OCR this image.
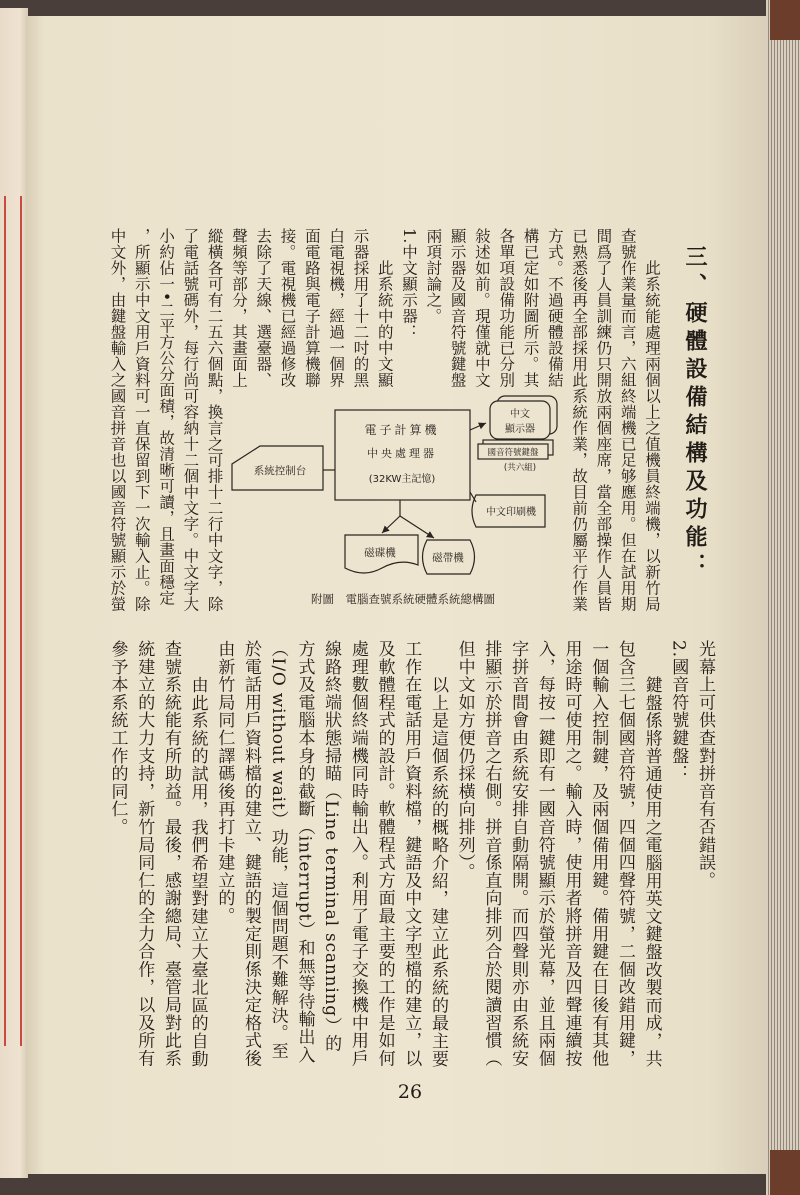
三、硬體設備結構及功能：
此系統能處理兩個以上之值機員終端機，以新竹局
查號作業量而言，六組終端機已足够應用。但在試用期
間爲了人員訓練仍只開放兩個座席，當全部操作人員皆
已熟悉後再全部採用此系統作業，故目前仍屬平行作業
方式。不過硬體設備結
構已定如附圖所示。其
各單項設備功能已分別
敍述如前。現僅就中文
顯示器及國音符號鍵盤
兩項討論之。
1.中文顯示器：
此系統中的中文顯
示器採用了十二吋的黑
白電視機，經過一個界
面電路與電子計算機聯
接。電視機已經過修改
去除了天線、選臺器、
聲頻等部分，其畫面上
縱橫各可有二五六個點，換言之可排十二行中文字，除
了電話號碼外，每行尚可容納十二個中文字。中文字大
小約佔一•二平方公分面積，故清晰可讀，且畫面穩定
，所顯示中文用戶資料可一直保留到下一次輸入止。除
中文外，由鍵盤輸入之國音拼音也以國音符號顯示於螢	電子計算機
中央處理器
(32KW主記憶)
系統控制台
中文
顯示器
國音符號鍵盤
(共六組)
中文印刷機
磁碟機	磁帶機
附圖　電腦查號系統硬體系統總構圖
光幕上可供查對拼音有否錯誤。
2.國音符號鍵盤：
鍵盤係將普通使用之電腦用英文鍵盤改製而成，共
包含三七個國音符號，四個四聲符號，二個改錯用鍵，
一個輸入控制鍵，及兩個備用鍵。備用鍵在日後有其他
用途時可使用之。輸入時，使用者將拼音及四聲連續按
入，每按一鍵即有一國音符號顯示於螢光幕，並且兩個
字拼音間會由系統安排自動隔開。而四聲則亦由系統安
排顯示於拼音之右側。拼音係直向排列合於閱讀習慣（
但中文如方便仍採橫向排列）。
以上是這個系統的概略介紹，建立此系統的最主要
工作在電話用戶資料檔，鍵語及中文字型檔的建立，以
及軟體程式的設計。軟體程式方面最主要的工作是如何
處理數個終端機同時輸出入。利用了電子交換機中用戶
線路終端狀態掃瞄（Line terminal scanning）的
方式及電腦本身的截斷（interrupt）和無等待輸出入
（I/O without wait）功能，這個問題不難解決。至
於電話用戶資料檔的建立、鍵語的製定則係決定格式後
由新竹局同仁譯碼後再打卡建立的。
由此系統的試用，我們希望對建立大臺北區的自動
查號系統能有所助益。最後，感謝總局、臺管局對此系
統建立的大力支持，新竹局同仁的全力合作，以及所有
參予本系統工作的同仁。
26
